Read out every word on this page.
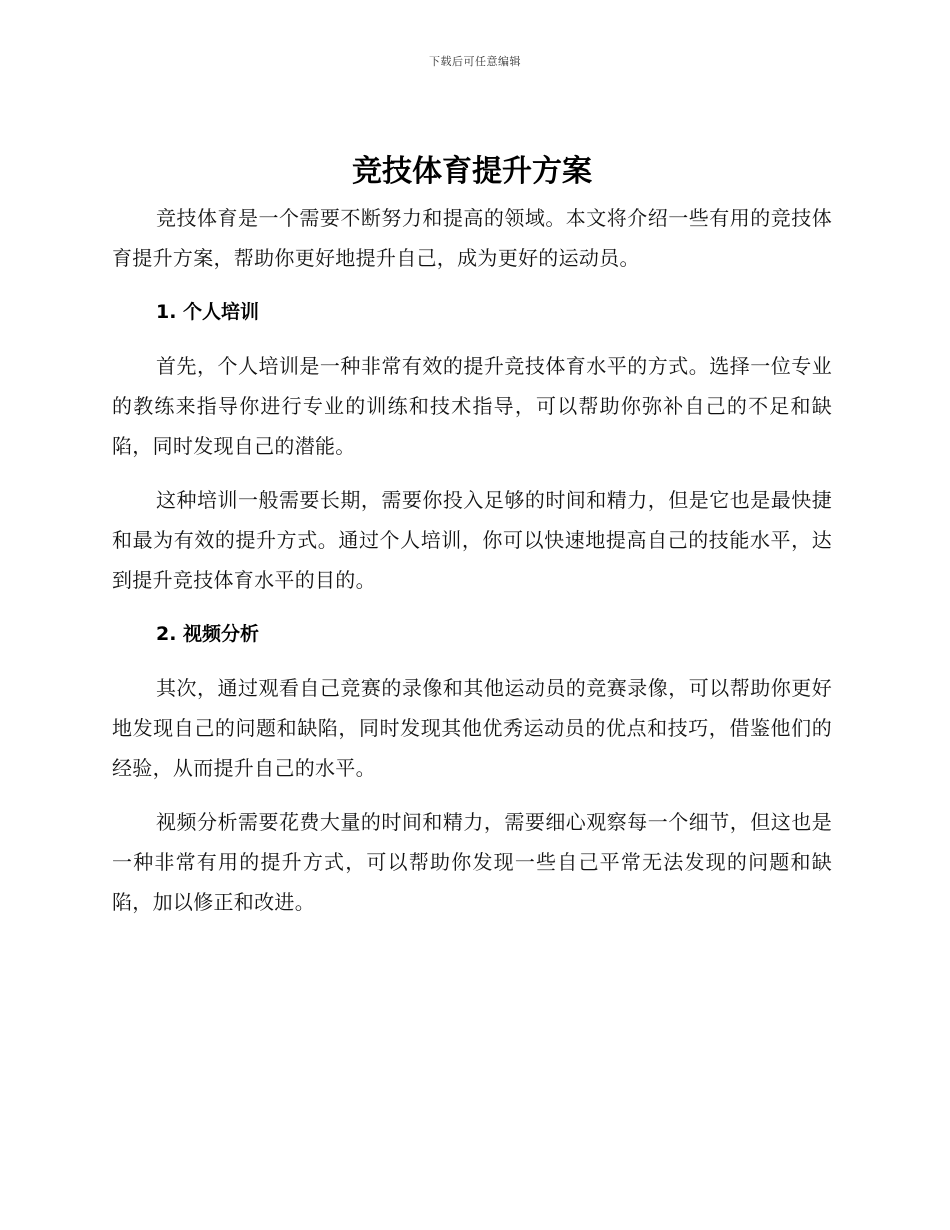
下载后可任意编辑
竞技体育提升方案

竞技体育是一个需要不断努力和提高的领域。本文将介绍一些有用的竞技体育提升方案，帮助你更好地提升自己，成为更好的运动员。

1. 个人培训

首先，个人培训是一种非常有效的提升竞技体育水平的方式。选择一位专业的教练来指导你进行专业的训练和技术指导，可以帮助你弥补自己的不足和缺陷，同时发现自己的潜能。

这种培训一般需要长期，需要你投入足够的时间和精力，但是它也是最快捷和最为有效的提升方式。通过个人培训，你可以快速地提高自己的技能水平，达到提升竞技体育水平的目的。

2. 视频分析

其次，通过观看自己竞赛的录像和其他运动员的竞赛录像，可以帮助你更好地发现自己的问题和缺陷，同时发现其他优秀运动员的优点和技巧，借鉴他们的经验，从而提升自己的水平。

视频分析需要花费大量的时间和精力，需要细心观察每一个细节，但这也是一种非常有用的提升方式，可以帮助你发现一些自己平常无法发现的问题和缺陷，加以修正和改进。
